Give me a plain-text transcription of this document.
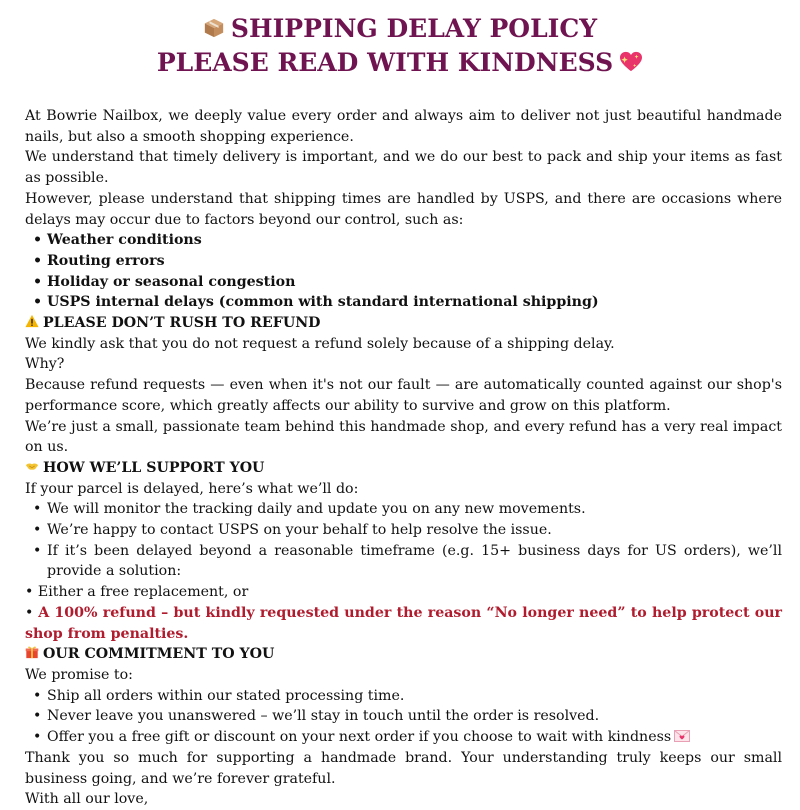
SHIPPING DELAY POLICY
PLEASE READ WITH KINDNESS

At Bowrie Nailbox, we deeply value every order and always aim to deliver not just beautiful handmade nails, but also a smooth shopping experience.

We understand that timely delivery is important, and we do our best to pack and ship your items as fast as possible.

However, please understand that shipping times are handled by USPS, and there are occasions where delays may occur due to factors beyond our control, such as:

• Weather conditions
• Routing errors
• Holiday or seasonal congestion
• USPS internal delays (common with standard international shipping)

PLEASE DON’T RUSH TO REFUND

We kindly ask that you do not request a refund solely because of a shipping delay.

Why?

Because refund requests — even when it's not our fault — are automatically counted against our shop's performance score, which greatly affects our ability to survive and grow on this platform.

We’re just a small, passionate team behind this handmade shop, and every refund has a very real impact on us.

HOW WE’LL SUPPORT YOU

If your parcel is delayed, here’s what we’ll do:

• We will monitor the tracking daily and update you on any new movements.
• We’re happy to contact USPS on your behalf to help resolve the issue.
• If it’s been delayed beyond a reasonable timeframe (e.g. 15+ business days for US orders), we’ll provide a solution:

• Either a free replacement, or

• A 100% refund – but kindly requested under the reason “No longer need” to help protect our shop from penalties.

OUR COMMITMENT TO YOU

We promise to:

• Ship all orders within our stated processing time.
• Never leave you unanswered – we’ll stay in touch until the order is resolved.
• Offer you a free gift or discount on your next order if you choose to wait with kindness

Thank you so much for supporting a handmade brand. Your understanding truly keeps our small business going, and we’re forever grateful.

With all our love,
